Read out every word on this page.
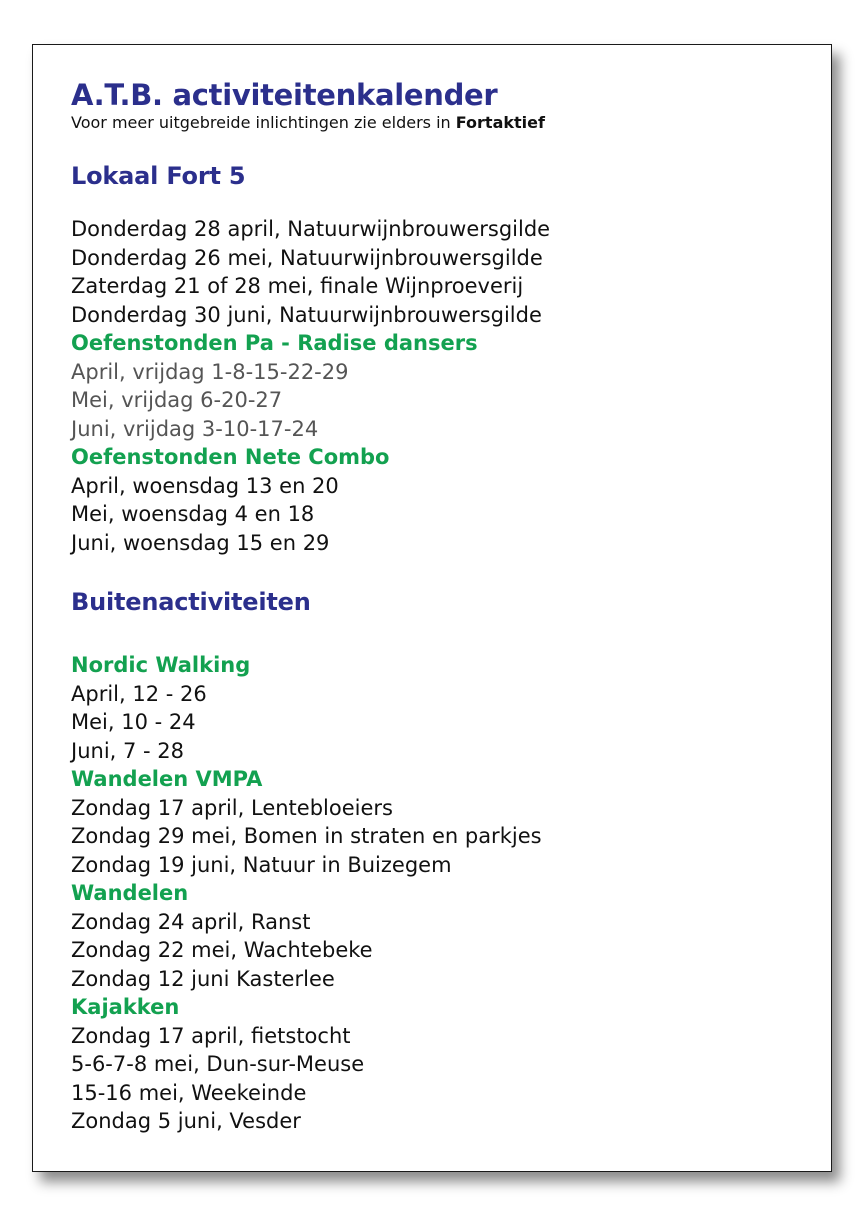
A.T.B. activiteitenkalender

Voor meer uitgebreide inlichtingen zie elders in Fortaktief

Lokaal Fort 5

Donderdag 28 april, Natuurwijnbrouwersgilde

Donderdag 26 mei, Natuurwijnbrouwersgilde

Zaterdag 21 of 28 mei, finale Wijnproeverij

Donderdag 30 juni, Natuurwijnbrouwersgilde

Oefenstonden Pa - Radise dansers

April, vrijdag 1-8-15-22-29

Mei, vrijdag 6-20-27

Juni, vrijdag 3-10-17-24

Oefenstonden Nete Combo

April, woensdag 13 en 20

Mei, woensdag 4 en 18

Juni, woensdag 15 en 29

Buitenactiviteiten

Nordic Walking

April, 12 - 26

Mei, 10 - 24

Juni, 7 - 28

Wandelen VMPA

Zondag 17 april, Lentebloeiers

Zondag 29 mei, Bomen in straten en parkjes

Zondag 19 juni, Natuur in Buizegem

Wandelen

Zondag 24 april, Ranst

Zondag 22 mei, Wachtebeke

Zondag 12 juni Kasterlee

Kajakken

Zondag 17 april, fietstocht

5-6-7-8 mei, Dun-sur-Meuse

15-16 mei, Weekeinde

Zondag 5 juni, Vesder
